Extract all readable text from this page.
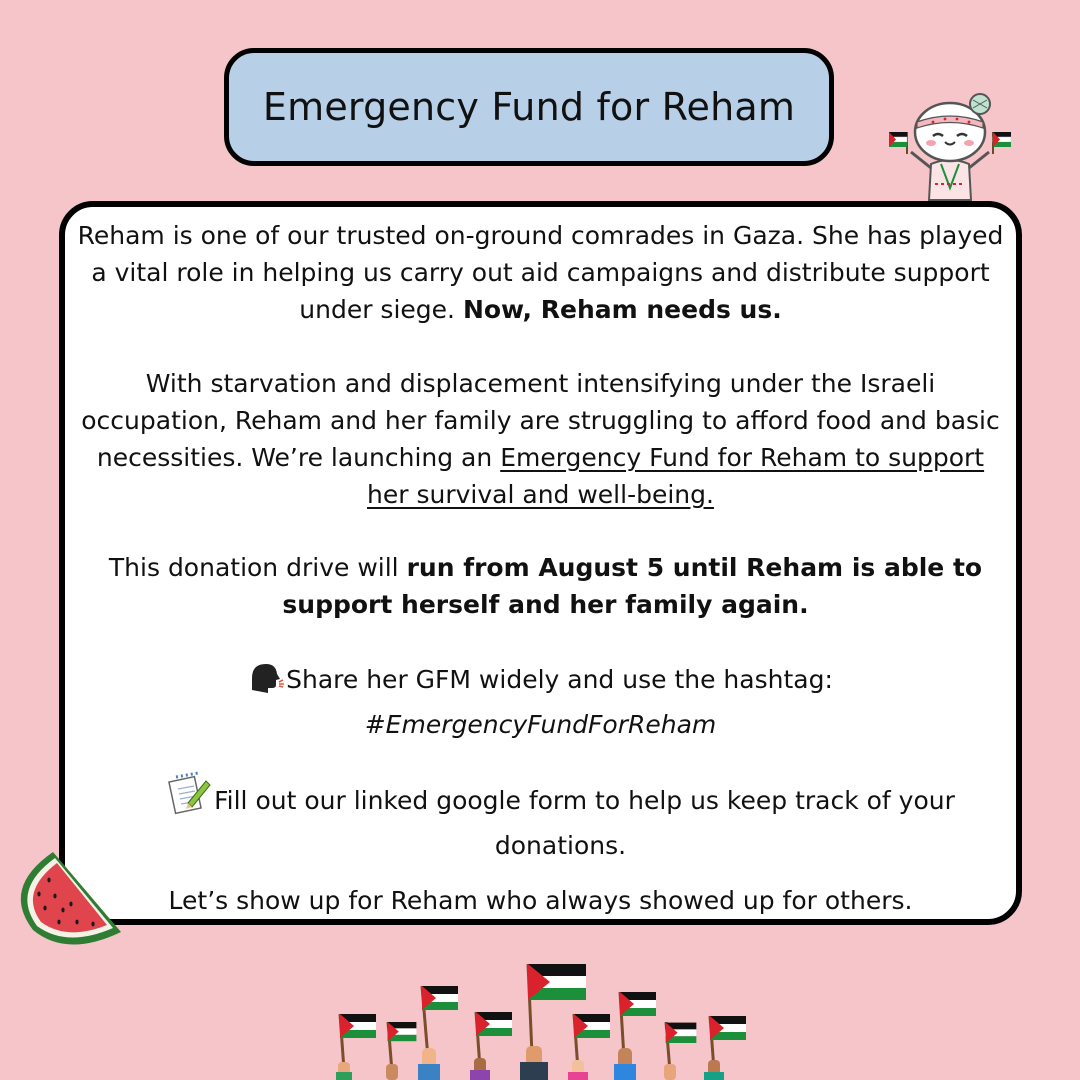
Emergency Fund for Reham

Reham is one of our trusted on-ground comrades in Gaza. She has played a vital role in helping us carry out aid campaigns and distribute support under siege. Now, Reham needs us.

With starvation and displacement intensifying under the Israeli occupation, Reham and her family are struggling to afford food and basic necessities. We’re launching an Emergency Fund for Reham to support her survival and well-being.

This donation drive will run from August 5 until Reham is able to support herself and her family again.

Share her GFM widely and use the hashtag:
#EmergencyFundForReham

Fill out our linked google form to help us keep track of your donations.

Let’s show up for Reham who always showed up for others.
